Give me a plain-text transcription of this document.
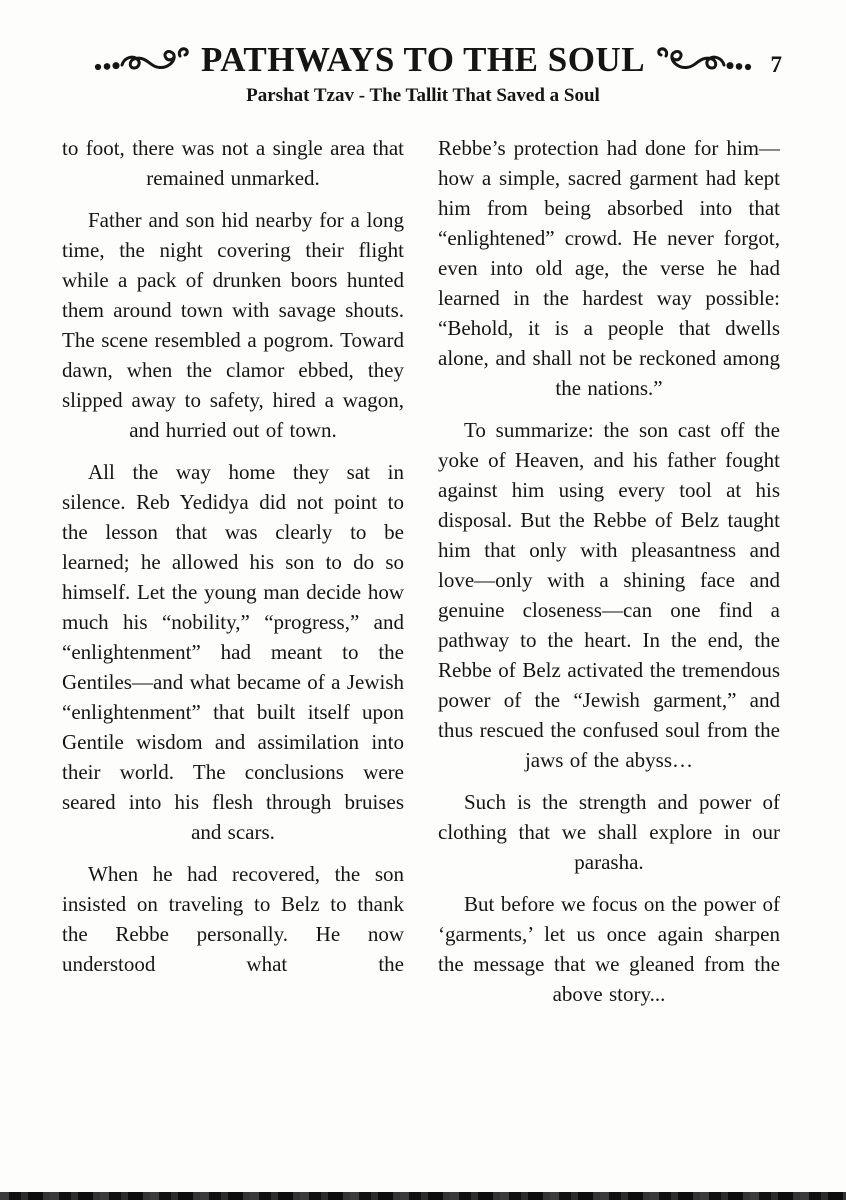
PATHWAYS TO THE SOUL
Parshat Tzav - The Tallit That Saved a Soul
7

to foot, there was not a single area that remained unmarked.

Father and son hid nearby for a long time, the night covering their flight while a pack of drunken boors hunted them around town with savage shouts. The scene resembled a pogrom. Toward dawn, when the clamor ebbed, they slipped away to safety, hired a wagon, and hurried out of town.

All the way home they sat in silence. Reb Yedidya did not point to the lesson that was clearly to be learned; he allowed his son to do so himself. Let the young man decide how much his “nobility,” “progress,” and “enlightenment” had meant to the Gentiles—and what became of a Jewish “enlightenment” that built itself upon Gentile wisdom and assimilation into their world. The conclusions were seared into his flesh through bruises and scars.

When he had recovered, the son insisted on traveling to Belz to thank the Rebbe personally. He now understood what the

Rebbe’s protection had done for him—how a simple, sacred garment had kept him from being absorbed into that “enlightened” crowd. He never forgot, even into old age, the verse he had learned in the hardest way possible: “Behold, it is a people that dwells alone, and shall not be reckoned among the nations.”

To summarize: the son cast off the yoke of Heaven, and his father fought against him using every tool at his disposal. But the Rebbe of Belz taught him that only with pleasantness and love—only with a shining face and genuine closeness—can one find a pathway to the heart. In the end, the Rebbe of Belz activated the tremendous power of the “Jewish garment,” and thus rescued the confused soul from the jaws of the abyss…

Such is the strength and power of clothing that we shall explore in our parasha.

But before we focus on the power of ‘garments,’ let us once again sharpen the message that we gleaned from the above story...
